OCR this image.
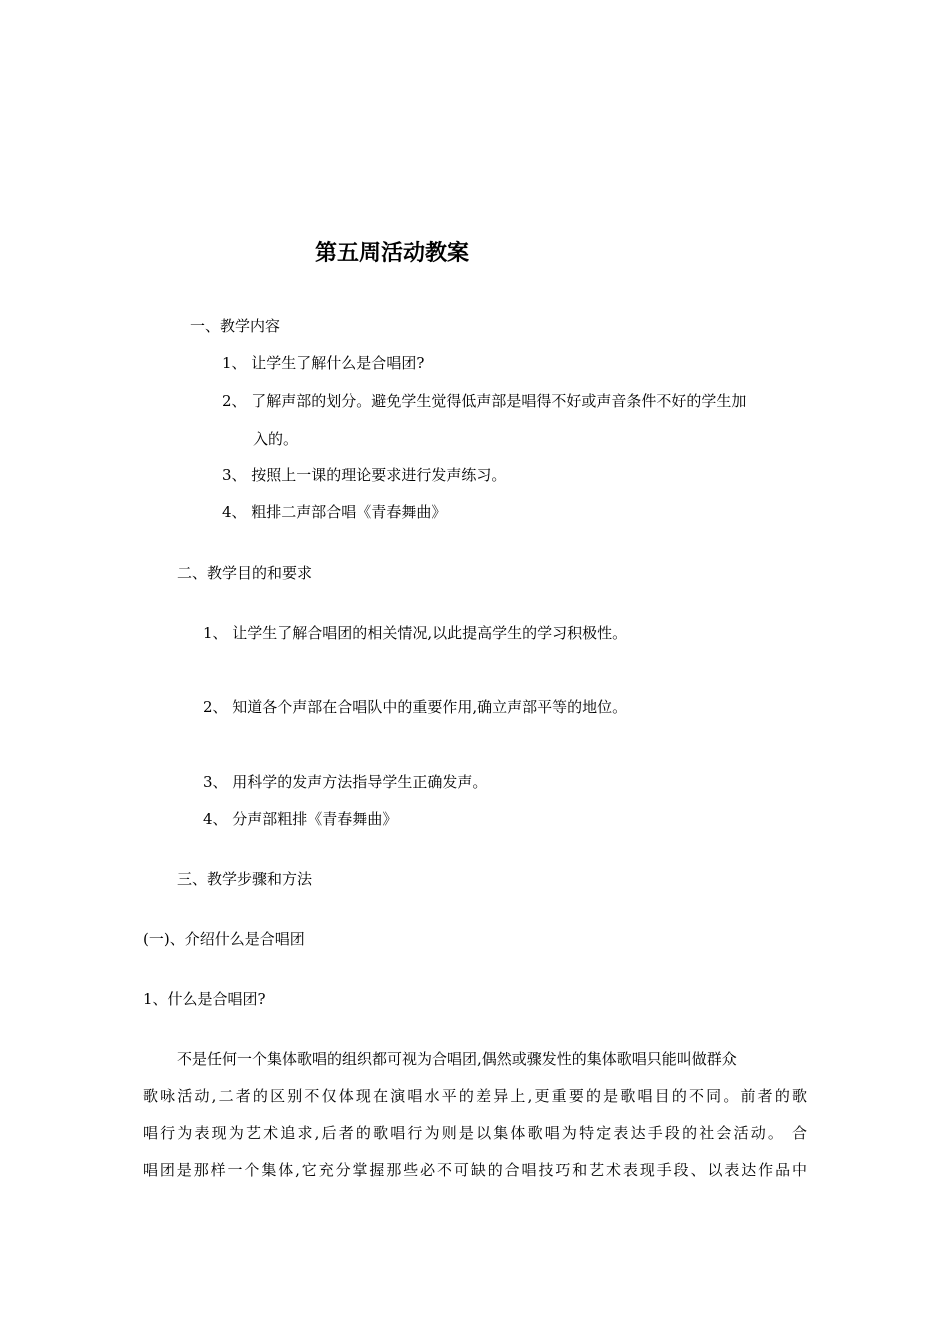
第五周活动教案
一、教学内容
1、 让学生了解什么是合唱团?
2、 了解声部的划分。避免学生觉得低声部是唱得不好或声音条件不好的学生加
入的。
3、 按照上一课的理论要求进行发声练习。
4、 粗排二声部合唱《青春舞曲》
二、教学目的和要求
1、 让学生了解合唱团的相关情况,以此提高学生的学习积极性。
2、 知道各个声部在合唱队中的重要作用,确立声部平等的地位。
3、 用科学的发声方法指导学生正确发声。
4、 分声部粗排《青春舞曲》
三、教学步骤和方法
(一)、介绍什么是合唱团
1、什么是合唱团?
不是任何一个集体歌唱的组织都可视为合唱团,偶然或骤发性的集体歌唱只能叫做群众
歌咏活动,二者的区别不仅体现在演唱水平的差异上,更重要的是歌唱目的不同。前者的歌
唱行为表现为艺术追求,后者的歌唱行为则是以集体歌唱为特定表达手段的社会活动。 合
唱团是那样一个集体,它充分掌握那些必不可缺的合唱技巧和艺术表现手段、以表达作品中
